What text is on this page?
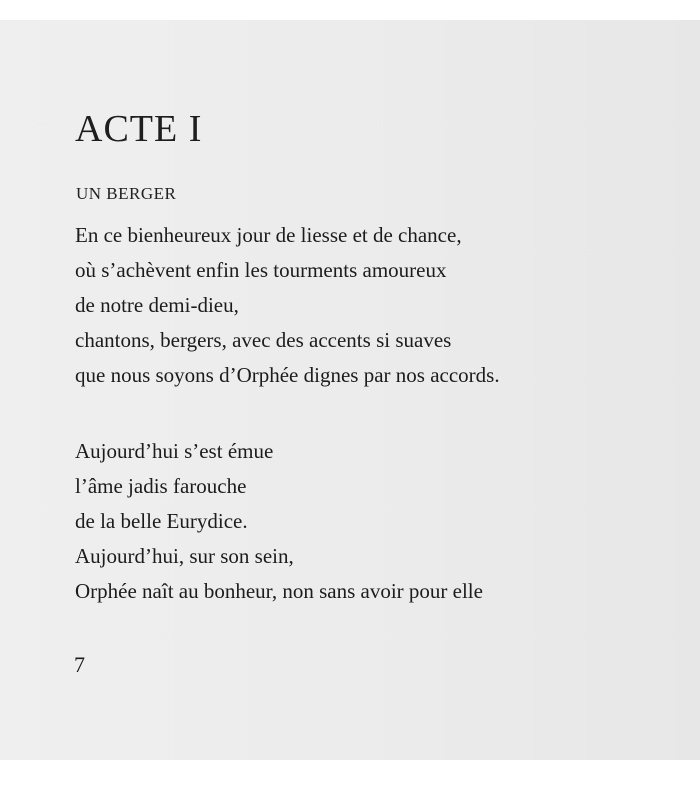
ACTE I
UN BERGER
En ce bienheureux jour de liesse et de chance,
où s’achèvent enfin les tourments amoureux
de notre demi-dieu,
chantons, bergers, avec des accents si suaves
que nous soyons d’Orphée dignes par nos accords.
Aujourd’hui s’est émue
l’âme jadis farouche
de la belle Eurydice.
Aujourd’hui, sur son sein,
Orphée naît au bonheur, non sans avoir pour elle
7
